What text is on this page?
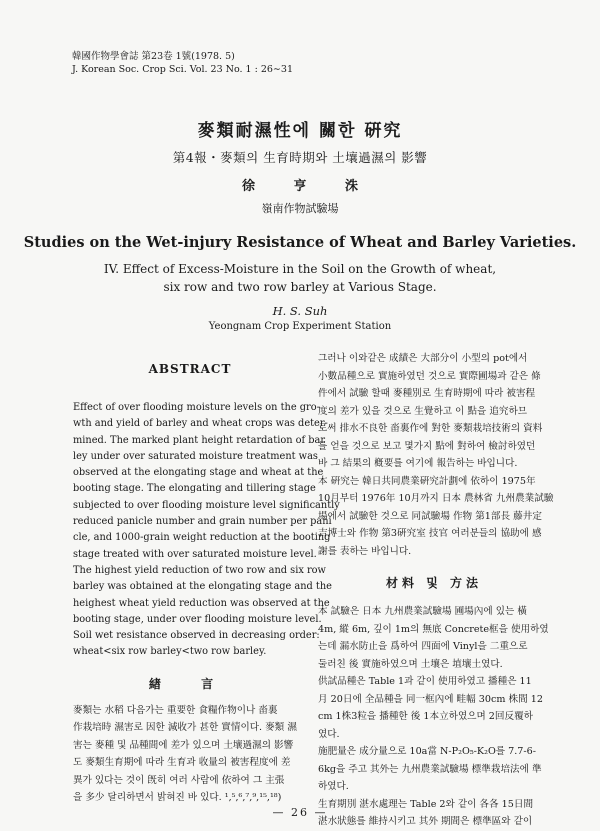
韓國作物學會誌 第23卷 1號(1978. 5)
J. Korean Soc. Crop Sci. Vol. 23 No. 1 : 26∼31
麥類耐濕性에 關한 硏究
第4報・麥類의 生育時期와 土壤過濕의 影響
徐 亨 洙
嶺南作物試驗場
Studies on the Wet-injury Resistance of Wheat and Barley Varieties.
IV. Effect of Excess-Moisture in the Soil on the Growth of wheat,
six row and two row barley at Various Stage.
H. S. Suh
Yeongnam Crop Experiment Station
ABSTRACT
Effect of over flooding moisture levels on the gro-
wth and yield of barley and wheat crops was deter-
mined. The marked plant height retardation of bar
ley under over saturated moisture treatment was
observed at the elongating stage and wheat at the
booting stage. The elongating and tillering stage
subjected to over flooding moisture level significantly
reduced panicle number and grain number per pani
cle, and 1000-grain weight reduction at the booting
stage treated with over saturated moisture level.
The highest yield reduction of two row and six row
barley was obtained at the elongating stage and the
heighest wheat yield reduction was observed at the
booting stage, under over flooding moisture level.
Soil wet resistance observed in decreasing order:
wheat<six row barley<two row barley.
緖 言
麥類는 水稻 다음가는 重要한 食糧作物이나 畓裏
作栽培時 濕害로 因한 減收가 甚한 實情이다. 麥類 濕
害는 麥種 및 品種間에 差가 있으며 土壤過濕의 影響
도 麥類生育期에 따라 生育과 收量의 被害程度에 差
異가 있다는 것이 旣히 여러 사람에 依하여 그 主張
을 多少 달리하면서 밝혀진 바 있다. ¹,⁵,⁶,⁷,⁹,¹⁵,¹⁸)
그러나 이와같은 成績은 大部分이 小型의 pot에서
小數品種으로 實施하였던 것으로 實際圃場과 같은 條
件에서 試驗 할때 麥種別로 生育時期에 따라 被害程
度의 差가 있을 것으로 生覺하고 이 點을 追究하므
로써 排水不良한 畓裏作에 對한 麥類栽培技術의 資料
를 얻을 것으로 보고 몇가지 點에 對하여 檢討하였던
바 그 結果의 槪要를 여기에 報告하는 바입니다.
本 硏究는 韓日共同農業硏究計劃에 依하이 1975年
10月부터 1976年 10月까지 日本 農林省 九州農業試驗
場에서 試驗한 것으로 同試驗場 作物 第1部長 藤井定
吉博士와 作物 第3硏究室 技官 여러분들의 協助에 感
謝를 表하는 바입니다.
材料 및 方法
本 試驗은 日本 九州農業試驗場 圃場內에 있는 橫
4m, 縱 6m, 깊이 1m의 無底 Concrete框을 使用하였
는데 漏水防止을 爲하여 四面에 Vinyl을 二重으로
둘러친 後 實施하였으며 土壤은 埴壤土였다.
供試品種은 Table 1과 같이 使用하였고 播種은 11
月 20日에 全品種을 同一框內에 畦幅 30cm 株間 12
cm 1株3粒을 播種한 後 1本立하였으며 2回反覆하
였다.
施肥量은 成分量으로 10a當 N-P₂O₅-K₂O를 7.7-6-
6kg을 주고 其外는 九州農業試驗場 標準栽培法에 準
하였다.
生育期別 湛水處理는 Table 2와 같이 各各 15日間
湛水狀態를 維持시키고 其外 期間은 標準區와 같이
— 26 —
